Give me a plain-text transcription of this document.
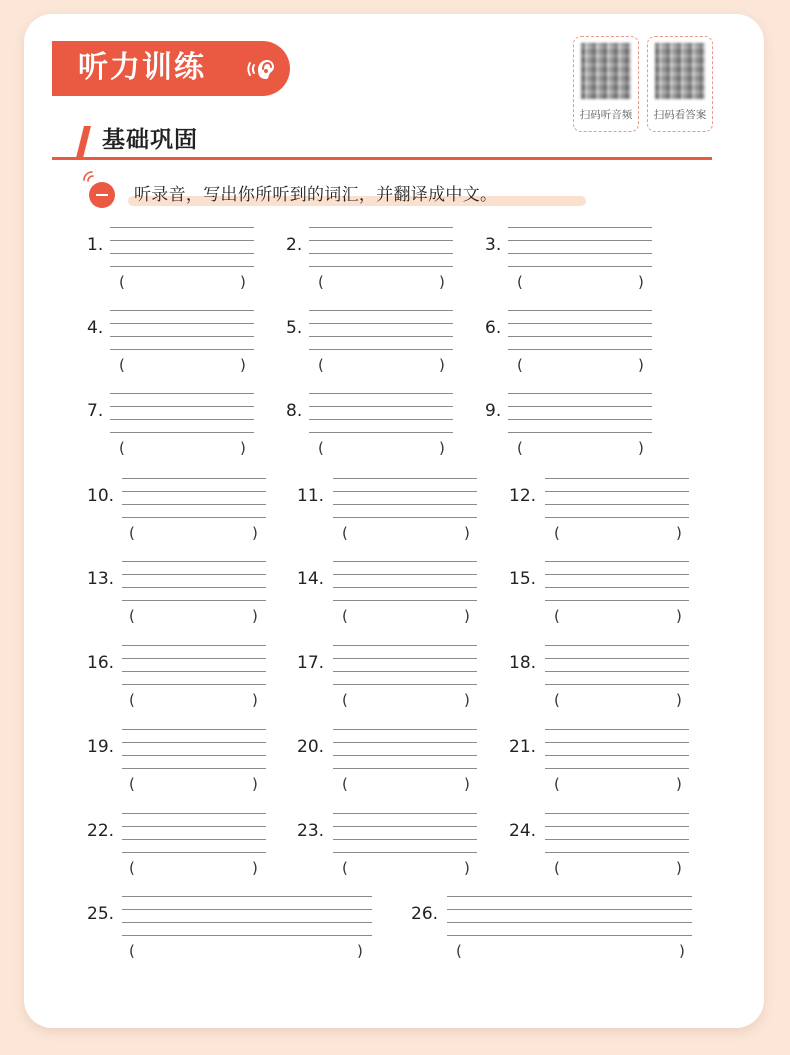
听力训练
扫码听音频	扫码看答案
基础巩固
听录音，写出你所听到的词汇，并翻译成中文。
1.
(	)
2.
(	)
3.
(	)
4.
(	)
5.
(	)
6.
(	)
7.
(	)
8.
(	)
9.
(	)
10.
(	)
11.
(	)
12.
(	)
13.
(	)
14.
(	)
15.
(	)
16.
(	)
17.
(	)
18.
(	)
19.
(	)
20.
(	)
21.
(	)
22.
(	)
23.
(	)
24.
(	)
25.
(	)
26.
(	)
